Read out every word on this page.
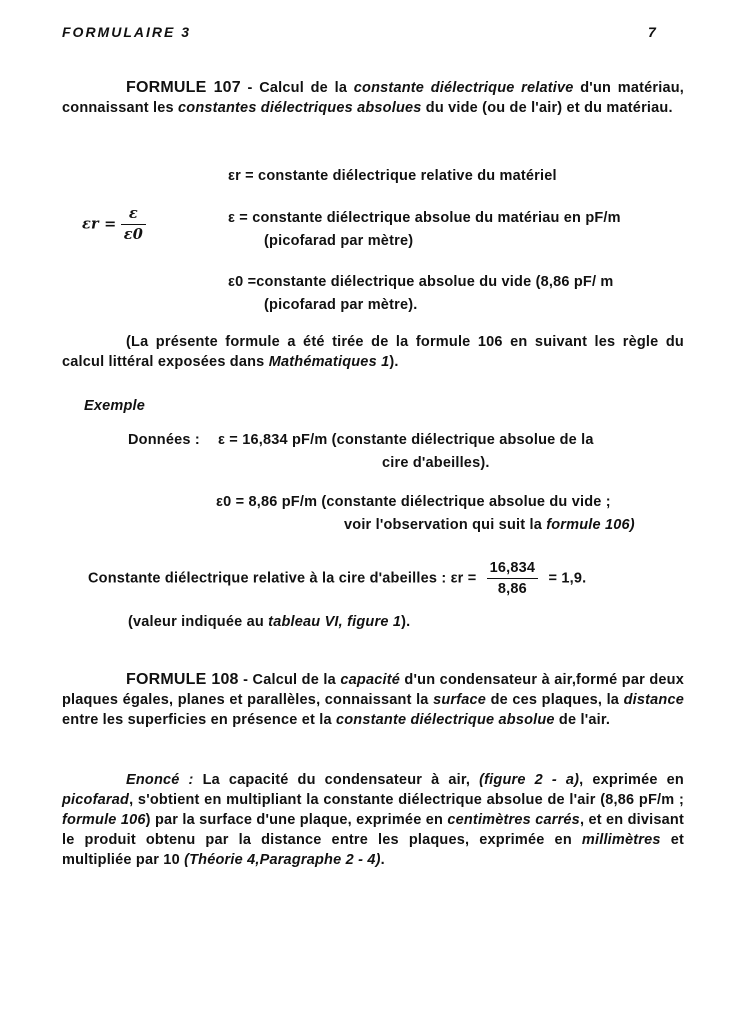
FORMULAIRE 3	7
FORMULE 107 - Calcul de la constante diélectrique relative d'un matériau, connaissant les constantes diélectriques absolues du vide (ou de l'air) et du matériau.
$\varepsilon r = \frac{\varepsilon}{\varepsilon 0}$
εr = constante diélectrique relative du matériel
ε = constante diélectrique absolue du matériau en pF/m
(picofarad par mètre)
ε0 =constante diélectrique absolue du vide (8,86 pF/ m
(picofarad par mètre).
(La présente formule a été tirée de la formule 106 en suivant les règle du calcul littéral exposées dans Mathématiques 1).
Exemple
Données : ε = 16,834 pF/m (constante diélectrique absolue de la
cire d'abeilles).
ε0 = 8,86 pF/m (constante diélectrique absolue du vide ;
voir l'observation qui suit la formule 106)
Constante diélectrique relative à la cire d'abeilles : $\varepsilon r = \frac{16,834}{8,86} = 1,9$.
(valeur indiquée au tableau VI, figure 1).
FORMULE 108 - Calcul de la capacité d'un condensateur à air,formé par deux plaques égales, planes et parallèles, connaissant la surface de ces plaques, la distance entre les superficies en présence et la constante diélectrique absolue de l'air.
Enoncé : La capacité du condensateur à air, (figure 2 - a), exprimée en picofarad, s'obtient en multipliant la constante diélectrique absolue de l'air (8,86 pF/m ; formule 106) par la surface d'une plaque, exprimée en centimètres carrés, et en divisant le produit obtenu par la distance entre les plaques, exprimée en millimètres et multipliée par 10 (Théorie 4,Paragraphe 2 - 4).
